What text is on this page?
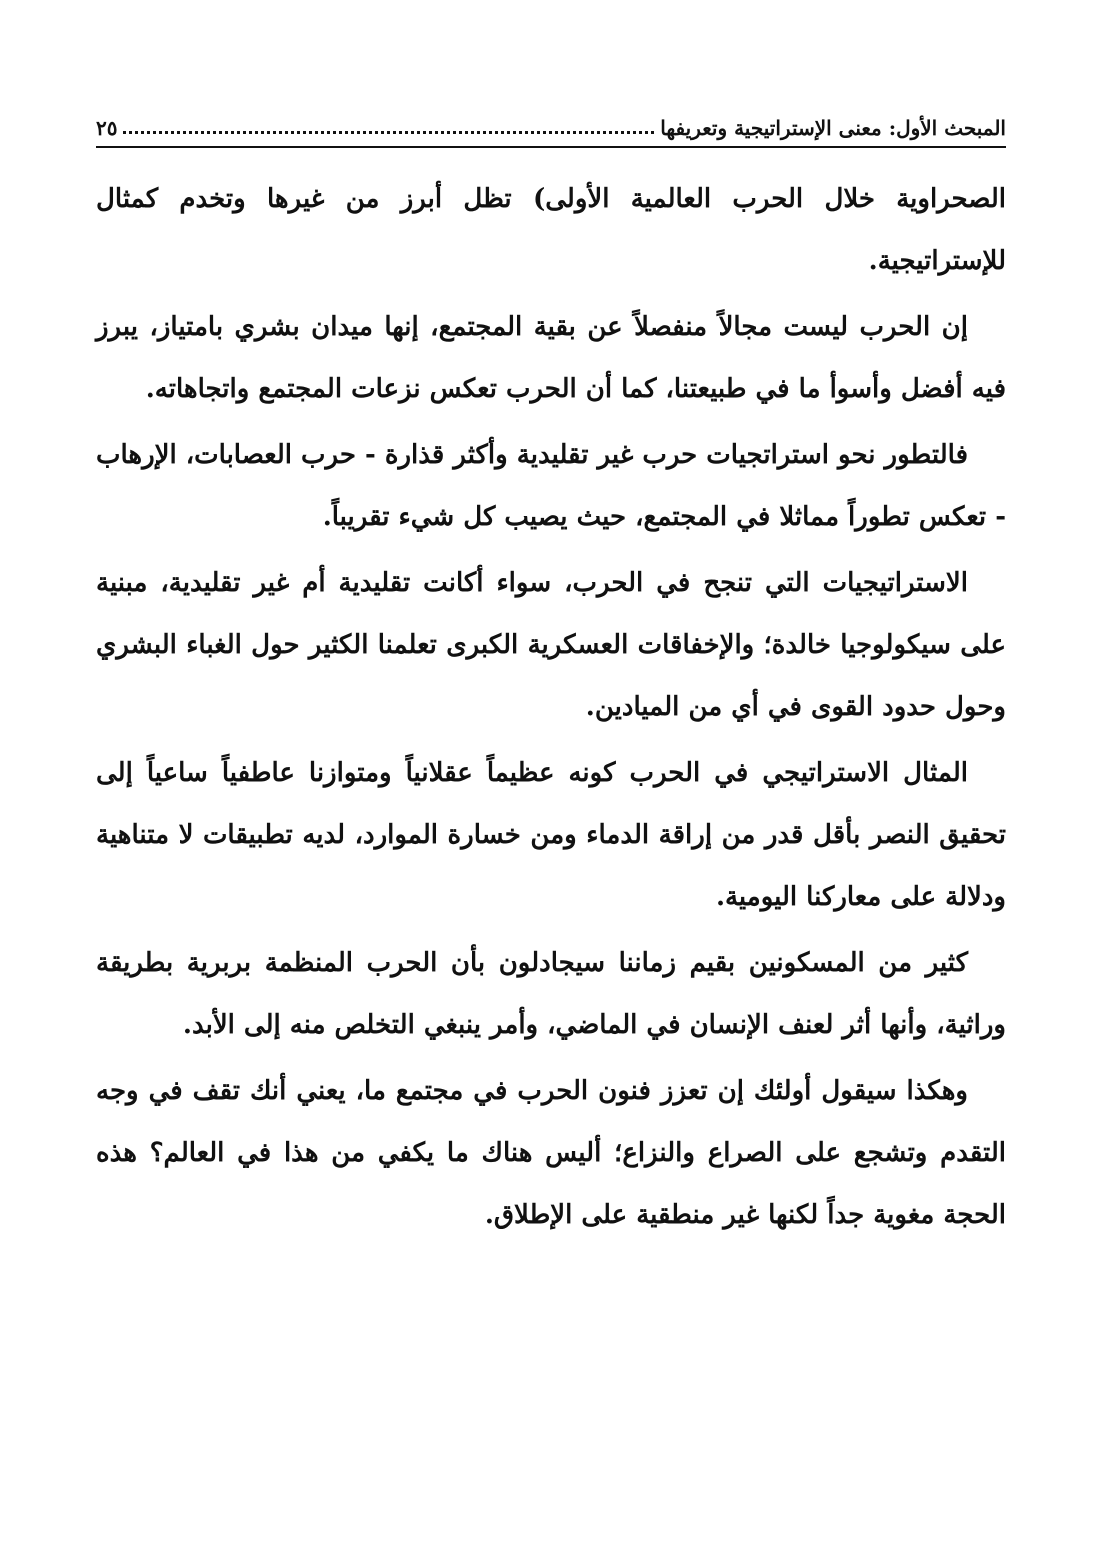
المبحث الأول: معنى الإستراتيجية وتعريفها
٢٥

الصحراوية خلال الحرب العالمية الأولى) تظل أبرز من غيرها وتخدم كمثال للإستراتيجية.

إن الحرب ليست مجالاً منفصلاً عن بقية المجتمع، إنها ميدان بشري بامتياز، يبرز فيه أفضل وأسوأ ما في طبيعتنا، كما أن الحرب تعكس نزعات المجتمع واتجاهاته.

فالتطور نحو استراتجيات حرب غير تقليدية وأكثر قذارة - حرب العصابات، الإرهاب - تعكس تطوراً مماثلا في المجتمع، حيث يصيب كل شيء تقريباً.

الاستراتيجيات التي تنجح في الحرب، سواء أكانت تقليدية أم غير تقليدية، مبنية على سيكولوجيا خالدة؛ والإخفاقات العسكرية الكبرى تعلمنا الكثير حول الغباء البشري وحول حدود القوى في أي من الميادين.

المثال الاستراتيجي في الحرب كونه عظيماً عقلانياً ومتوازنا عاطفياً ساعياً إلى تحقيق النصر بأقل قدر من إراقة الدماء ومن خسارة الموارد، لديه تطبيقات لا متناهية ودلالة على معاركنا اليومية.

كثير من المسكونين بقيم زماننا سيجادلون بأن الحرب المنظمة بربرية بطريقة وراثية، وأنها أثر لعنف الإنسان في الماضي، وأمر ينبغي التخلص منه إلى الأبد.

وهكذا سيقول أولئك إن تعزز فنون الحرب في مجتمع ما، يعني أنك تقف في وجه التقدم وتشجع على الصراع والنزاع؛ أليس هناك ما يكفي من هذا في العالم؟ هذه الحجة مغوية جداً لكنها غير منطقية على الإطلاق.
